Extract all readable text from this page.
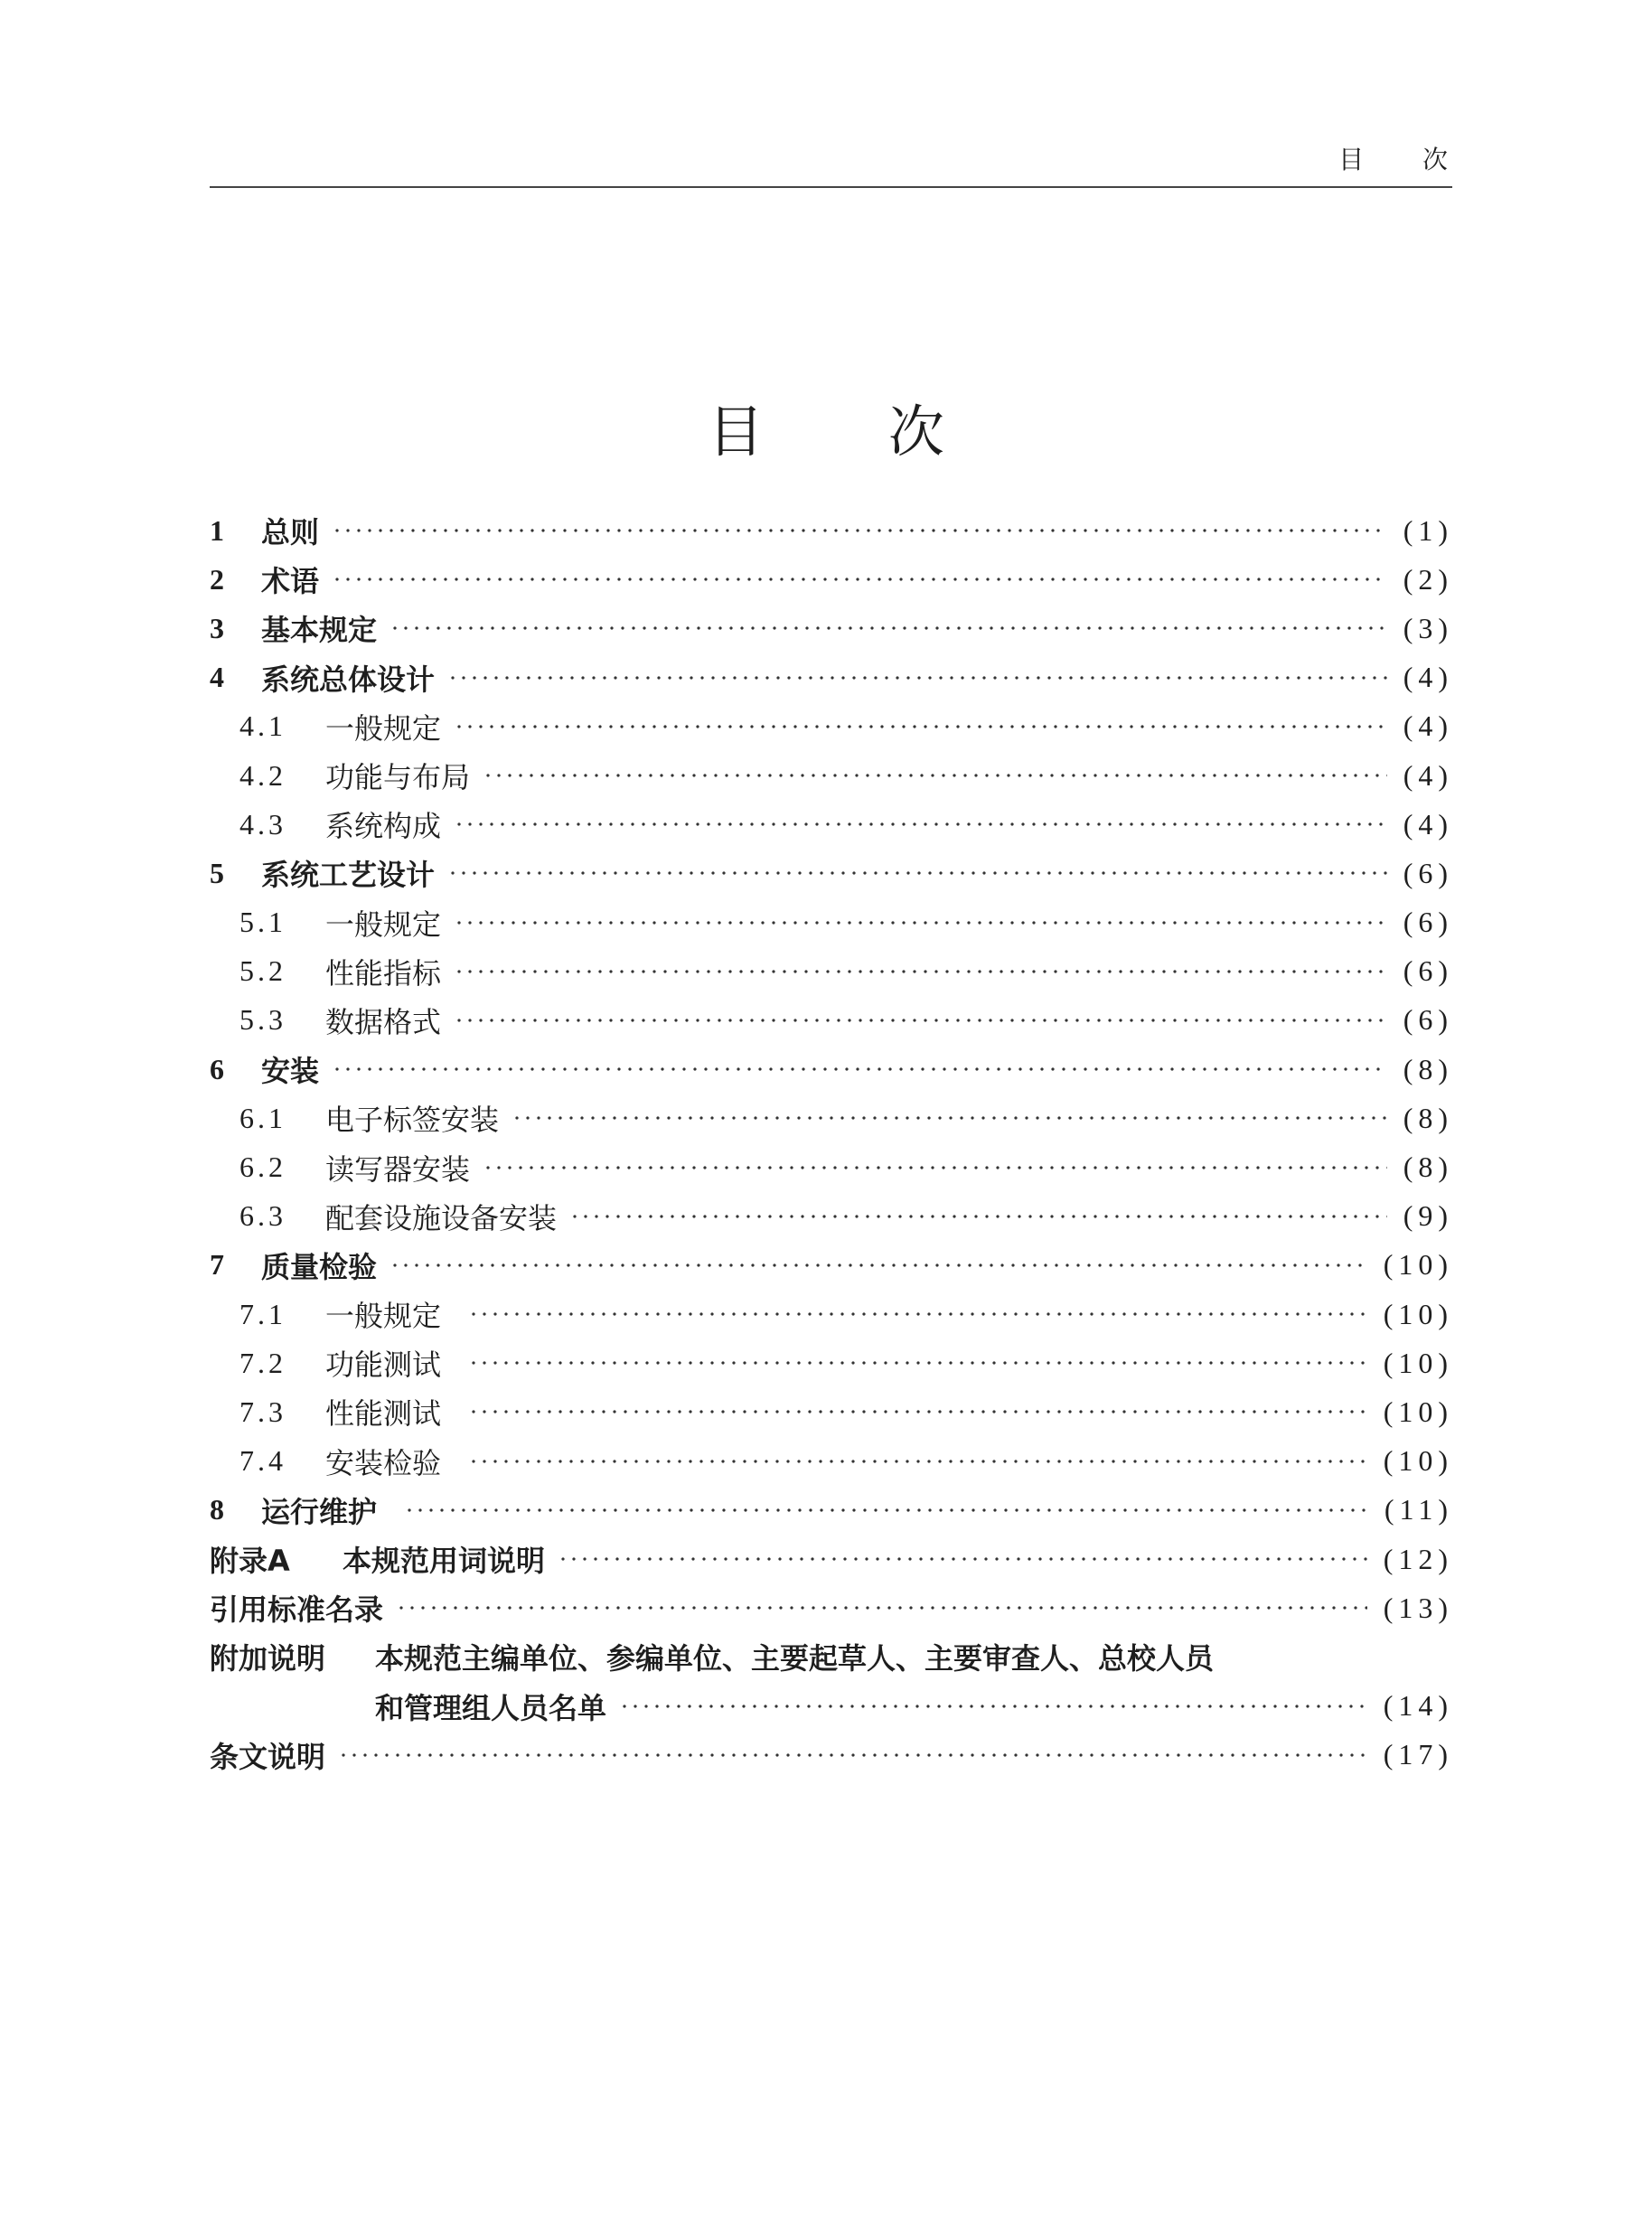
目 次
目 次
1	总则	(1)
2	术语	(2)
3	基本规定	(3)
4	系统总体设计	(4)
4.1	一般规定	(4)
4.2	功能与布局	(4)
4.3	系统构成	(4)
5	系统工艺设计	(6)
5.1	一般规定	(6)
5.2	性能指标	(6)
5.3	数据格式	(6)
6	安装	(8)
6.1	电子标签安装	(8)
6.2	读写器安装	(8)
6.3	配套设施设备安装	(9)
7	质量检验	(10)
7.1	一般规定	(10)
7.2	功能测试	(10)
7.3	性能测试	(10)
7.4	安装检验	(10)
8	运行维护	(11)
附录A	本规范用词说明	(12)
引用标准名录	(13)
附加说明	本规范主编单位、参编单位、主要起草人、主要审查人、总校人员
和管理组人员名单	(14)
条文说明	(17)
